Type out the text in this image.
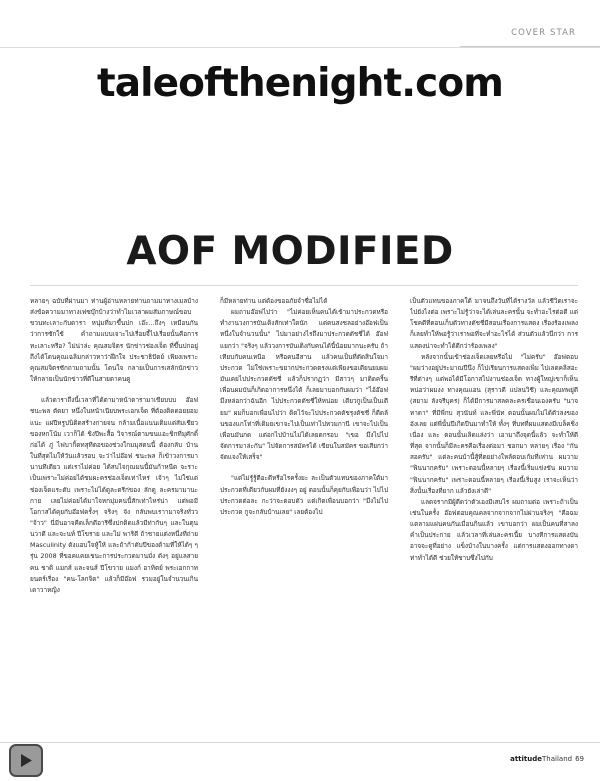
COVER STAR
taleofthenight.com
AOF MODIFIED

หลายๆ ฉบับที่ผ่านมา ท่านผู้อ่านหลายท่านถามมาทางเมลบ้าง ส่งข้อความมาทางเฟซบุ๊กบ้างว่าทำไมเวลาผมสัมภาษณ์ขอบขวนทะเลาะกับดารา หนุ่มที่มาขึ้นปก เอ๊ะ...ถึงๆ เหมือนกันว่าการซักใช้ คำถามแบบเจาะไปเรื่อยจี้ไปเรื่อยนั้นคือการทะเลาะหรือ? ไม่น่าล่ะ คุณสมจิตร นักข่าวช่องเจ็ด ที่ขึ้นปกอยู่ ถึงได้โดนคุณเฉลิมกล่าวหาว่าฝึกใจ ประชาธิปัตย์ เพียงเพราะคุณสมจิตรซักถามถามนั้น โดนใจ กลายเป็นการเสลักนักข่าวให้กลายเป็นนักข่าวที่ดีในสายตาคนดู

แล้วดาราถึงนี้เวลาที่ได้ตามาหน้าดารามาเขียบบบ อ๊อฟ ชนะพล ตัดยา หนึ่งในหน้าเนียบพระเอกเจ็ด ที่ต้องติดดอยยอมแนะ แผ่ปีหรูปนิติดสร้างกายจน กล้ามเนื้อแนนเติมแต่สัมเชียว ของหกโน้ม เวาก็ได้ ชิงปีพะสื้อ วิจารณ์ตามขนแอะชิกที่มุศักดิ์ก่อได้ ภู่ ไฟบากิ้ดทสุทีตอของช่วงใกมมุสตนนี้ ต้องกลับ บ้านในที่สุดไมให้วันแล้วรอบ จะว่าไปอ๊อฟ ชนะพล ก็เข้าวงการมานานทีเดียว แต่เราไม่ค่อย ได้สบไจกุณมนนี้มันก้าหนืด จะราะเป็นเพราะไม่ค่อยได้ชมผะครช่องเจ็ดเท่าไหร่ เจ้าๆ ไม่ใช่แต่ ช่องเจ็ดแระดับ เพราะไม่ได้ดูละดรีก่ของ ลักดู ละครมามานะกาย เลยไม่ค่อยได้มาใจหกมุ่มคนนี้สักเท่าไหร่น่า แต่พอมีโอกาสได้คุยกับอ๊อฟครั้งๆ จริงๆ จัง กลับพบเราามาจริงทั่วว "จ้าว" นี่มีนอาจคืดเล็กดีอารีซึ่งปกติดแล้วมีท่ากันๆ และในตุน นวาดี และจะนท์ ปีโขราย และไม่ พาริดี ถ้าชายแต่งหนึ่งที่ถ่าย Masculinity ดังแอบใจหู้ให้ และถ้าก้าดับปีของด้ามที่ให้ได้ๆ ๆ รุ่น 2008 ที่ขอคแคยเชนะการประกวดมานมั่ง ดังๆ อยู่แลสายคน ชาดิ แมกส์ และจนส์ ปีโขวาย แมงก์ อาทิตย์ พระเอกกาทยนตร์เรื่อง "คน-โลกจิด" แล้วก็มีอ๊อฟ รวมอยู่ในจำนวนเกิน เดาวาหญิง

ก็มีหลายท่าน แต่ด้องขออภัยจำซื่อไม่ได้

ผมถามอ๊อฟไปว่า "ไม่ค่อยเห็นคนได้เข้ามาประกวดหรือทำงานวงการบันเติงสักเท่าใดนัก แต่คนสงชลอย่างอ๊อฟเป็นหนึ่งในจำนวนนั้น" ไปมาอย่างไรถึงมาประกวดดัชชี่ได้ อ๊อฟแยกว่า "จริงๆ แล้ววงการบันเติงกับคนได้นี้น้อยมากนะครับ ถ้าเทียบกับคนเหนือ หรือคนอีสาน แล้วคนเป็นที่ตัดสินใจมาประกวด ไม่ใช่เพราะขยากประกวดตรงแต่เพียงขอเดียนยมผมมันเคยไปประกวดดัชชี่ แล้วก็ปรากฏว่า มีสาวๆ มาติดคริ้น เพื่อนผมบันก็เกิดอาการหนึ่งได้ ก็เลยมาบอกกับผมว่า "ไอ้อ๊อฟ มึงหล่อกว่าฉันอีก ไปประกวดดัชชี่ให้หน่อย เดียวกูเป็นเป็นเตียม" ผมก็บอกเพื่อนไปว่า ดิดไว้จะไปประกวดดัชรุงดัชชี่ ก็ดืดล้นของแกโท่าที่เดิมยเขาจะไปเป็นเท่าไปหวมกานี เขาจะไปเป็นเพื่อนมันกด แต่อกไปบ้านไม่ได้เลยตกรอบ "เขอ มึงไปไปจัดการมาล่ะกัน" ไปจัดการสมัครได้ เขียนใบสมัคร ขอเสียกว่าจัดแจงให้เสร็จ"

"แต่ไม่รู้รู้ตีอะดีหรือไรครั้งยะ ละเป็นตัวแทนของภาคใต้มาประกวดที่เดียวกับผมที่ยังงงๆ อยู่ ตอนนั้นก็คุยกับเพื่อนว่า ไปไปประกวดต่อละ กะว่าจะตอบดัว แต่เกิดเพื่อนบอกว่า "มึงไม่ไปประกวด กูจะกลับบ้านเลย" เลยต้องไป

เป็นตัวแทนของภาคใต้ มาจนถึงวันที่ได้รางวัล แล้วชีวิตเราจะไปยังไงต่อ เพราะไม่รู้ว่าจะได้เล่นละครนั้น จะทำอะไรต่อดี แต่โชคดีที่ตอนเก็บตัวทางดัชชี่มีสอนเรื่องการแสดง เรื่องร้องเพลง ก็เลยทำให้พอรู้ว่าเราพอที่จะทำอะไรได้ ส่วนตัวแล้วนึกว่า การแสดงน่าจะทำได้ดีกว่าร้องเพลง"

หลังจากนั้นเข้าช่องเจ็ดเลยหรือไม่ "ไม่ครับ" อ๊อฟตอบ "ผมว่างอยู่ประมาณปีนึง ก็ไปเรียนการแสดงเพิ่ม ไปเลตคลิสอะรีที่ต่างๆ แต่พอได้มีโอกาสไปงานช่องเจ็ด ทางผู้ใหญ่เขาก็เห็นหน่อว่าผมงง ทางคุณแอน (สุราวดี แปลนวิชี) และคุณทพยู่ดี (สยาม ลังจรีบุคร) ก็ได้มีการมาสลคละครเชื่อนเองครับ "นาจทาดา" ที่มีพี่กบ สุวนันท์ และพี่นัท ตอนนั้นผมไม่ได้ตัวลงของอังเลย แต่พี่นั้นปีเกิดปืนมาทำให้ ทั้งๆ ที่บทที่ผมแสดงมีเบล็คชิ่งเนื่อง และ ตอนนั้นเลิดแล่งว่า เอามาถึงจุดนี้แล้ว จะทำให้ดีที่สุด จากนั้นก็มีละครคือเรื่องต่อมา ชอกมา หลายๆ เรื่อง "กันสอครับ" แต่ละคนบ้านี้สู้ที่ตยย่างใหล้ตอบเก้มที่เห่าน ผมวาม "ฟินนากครับ" เพราะตอนนี้หลายๆ เรื่องนี้เริ่มแข่งขัน ผมวาม "ฟินนากครับ" เพราะตอนนี้หลายๆ เรื่องนี้เริ่มสูง เราจะเห็นว่าสิ่งนั้นเรื่องที่ยาก แล้วยังเล่าดี"

แลดจรากมีผู้ดีดว่าตัวเองมีเสบไร ผมถามต่อ เพราะถ้าเป็นเช่นในครั้ง อ๊อฟตอบคุณคลจากจากจากไม่ผ่านจริงๆ "คือฉมแตลามแผ่นคนกันเมื่อนกินแล้ว เขาบอกว่า ผมเป็นคนที่สาลง คำเป็นประกาย แล้วเวลาที่เล่นละครเนื้ย บางทีการแสดงบันอาจจะดูที่อย่าง แข็งบ้างในบางครั้ง แต่การแสดงออกทางดาท่าทำได้ดี ช่วยให้ชาบซึ่งไปกับ

attitudeThailand 69
